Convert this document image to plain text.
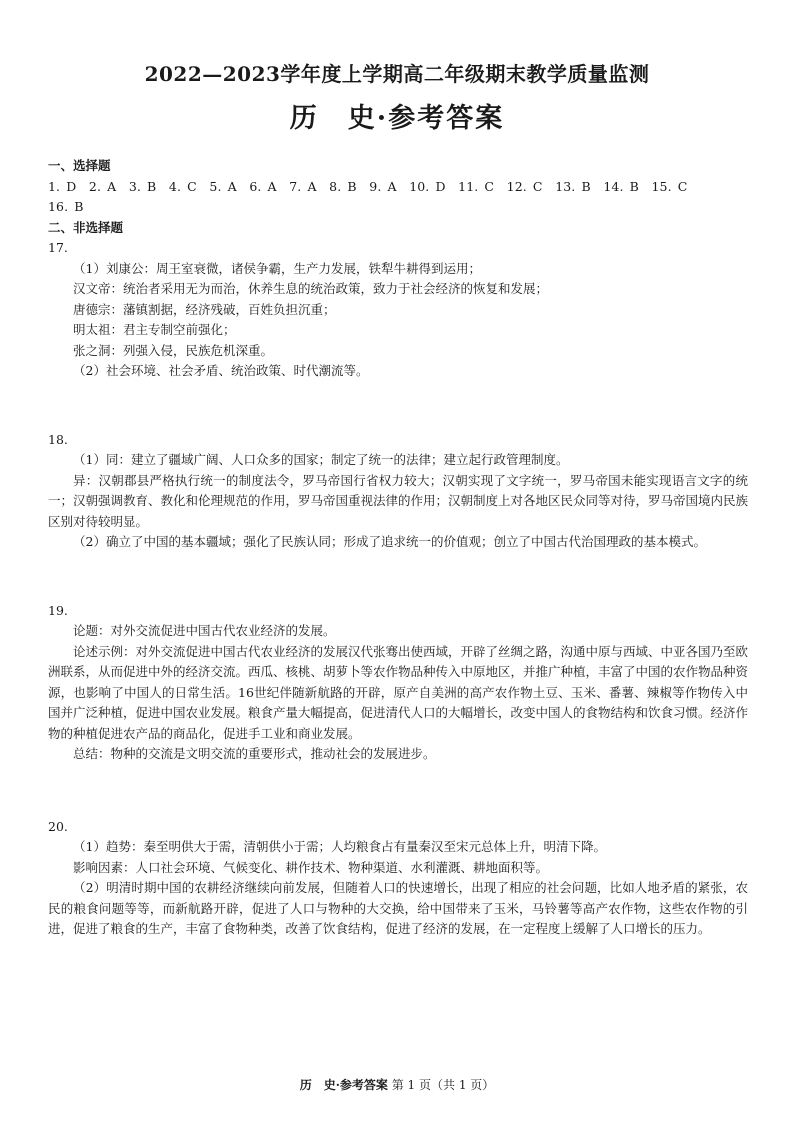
2022—2023学年度上学期高二年级期末教学质量监测
历　史·参考答案
一、选择题
1. D　2. A　3. B　4. C　5. A　6. A　7. A　8. B　9. A　10. D　11. C　12. C　13. B　14. B　15. C
16. B
二、非选择题
17.

（1）刘康公：周王室衰微，诸侯争霸，生产力发展，铁犁牛耕得到运用；

汉文帝：统治者采用无为而治，休养生息的统治政策，致力于社会经济的恢复和发展；

唐德宗：藩镇割据，经济残破，百姓负担沉重；

明太祖：君主专制空前强化；

张之洞：列强入侵，民族危机深重。

（2）社会环境、社会矛盾、统治政策、时代潮流等。

18.

（1）同：建立了疆域广阔、人口众多的国家；制定了统一的法律；建立起行政管理制度。

异：汉朝郡县严格执行统一的制度法令，罗马帝国行省权力较大；汉朝实现了文字统一，罗马帝国未能实现语言文字的统一；汉朝强调教育、教化和伦理规范的作用，罗马帝国重视法律的作用；汉朝制度上对各地区民众同等对待，罗马帝国境内民族区别对待较明显。

（2）确立了中国的基本疆域；强化了民族认同；形成了追求统一的价值观；创立了中国古代治国理政的基本模式。

19.

论题：对外交流促进中国古代农业经济的发展。

论述示例：对外交流促进中国古代农业经济的发展汉代张骞出使西域，开辟了丝绸之路，沟通中原与西域、中亚各国乃至欧洲联系，从而促进中外的经济交流。西瓜、核桃、胡萝卜等农作物品种传入中原地区，并推广种植，丰富了中国的农作物品种资源，也影响了中国人的日常生活。16世纪伴随新航路的开辟，原产自美洲的高产农作物土豆、玉米、番薯、辣椒等作物传入中国并广泛种植，促进中国农业发展。粮食产量大幅提高，促进清代人口的大幅增长，改变中国人的食物结构和饮食习惯。经济作物的种植促进农产品的商品化，促进手工业和商业发展。

总结：物种的交流是文明交流的重要形式，推动社会的发展进步。

20.

（1）趋势：秦至明供大于需，清朝供小于需；人均粮食占有量秦汉至宋元总体上升，明清下降。

影响因素：人口社会环境、气候变化、耕作技术、物种渠道、水利灌溉、耕地面积等。

（2）明清时期中国的农耕经济继续向前发展，但随着人口的快速增长，出现了相应的社会问题，比如人地矛盾的紧张，农民的粮食问题等等，而新航路开辟，促进了人口与物种的大交换，给中国带来了玉米，马铃薯等高产农作物，这些农作物的引进，促进了粮食的生产，丰富了食物种类，改善了饮食结构，促进了经济的发展，在一定程度上缓解了人口增长的压力。

历　史·参考答案 第 1 页（共 1 页）
